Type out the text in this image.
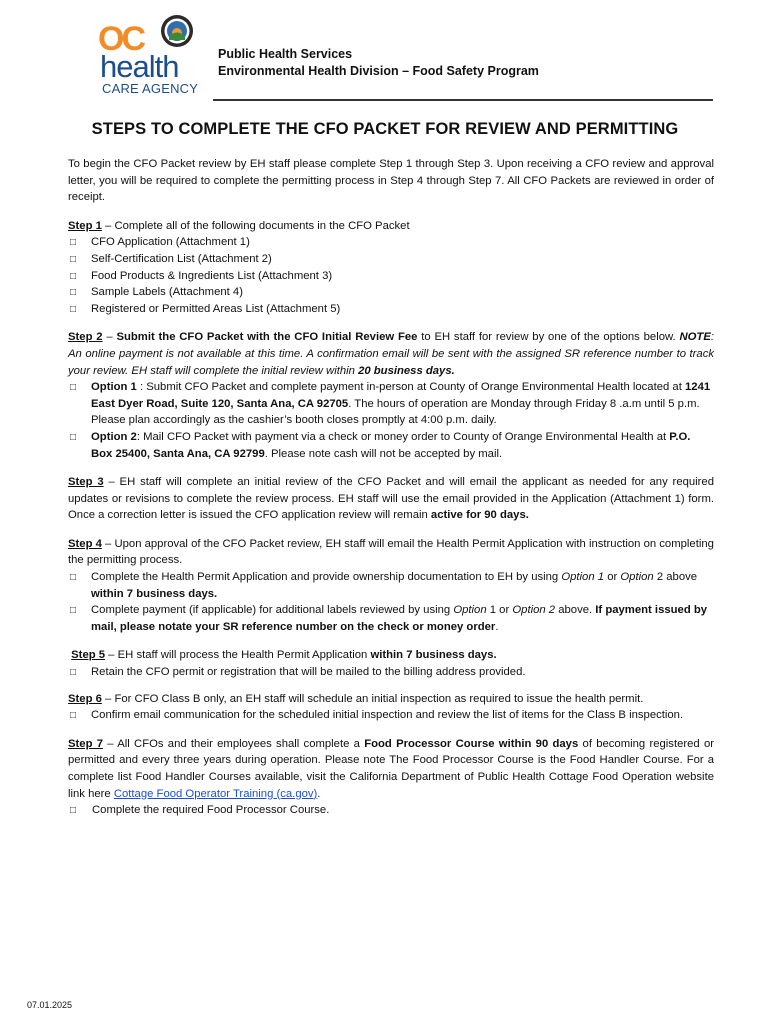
OC
health
CARE AGENCY
Public Health Services
Environmental Health Division – Food Safety Program
STEPS TO COMPLETE THE CFO PACKET FOR REVIEW AND PERMITTING

To begin the CFO Packet review by EH staff please complete Step 1 through Step 3. Upon receiving a CFO review and approval letter, you will be required to complete the permitting process in Step 4 through Step 7. All CFO Packets are reviewed in order of receipt.

Step 1 – Complete all of the following documents in the CFO Packet

□ CFO Application (Attachment 1)
□ Self-Certification List (Attachment 2)
□ Food Products & Ingredients List (Attachment 3)
□ Sample Labels (Attachment 4)
□ Registered or Permitted Areas List (Attachment 5)

Step 2 – Submit the CFO Packet with the CFO Initial Review Fee to EH staff for review by one of the options below. NOTE: An online payment is not available at this time. A confirmation email will be sent with the assigned SR reference number to track your review. EH staff will complete the initial review within 20 business days.

□ Option 1 : Submit CFO Packet and complete payment in-person at County of Orange Environmental Health located at 1241 East Dyer Road, Suite 120, Santa Ana, CA 92705. The hours of operation are Monday through Friday 8 .a.m until 5 p.m. Please plan accordingly as the cashier’s booth closes promptly at 4:00 p.m. daily.
□ Option 2: Mail CFO Packet with payment via a check or money order to County of Orange Environmental Health at P.O. Box 25400, Santa Ana, CA 92799. Please note cash will not be accepted by mail.

Step 3 – EH staff will complete an initial review of the CFO Packet and will email the applicant as needed for any required updates or revisions to complete the review process. EH staff will use the email provided in the Application (Attachment 1) form. Once a correction letter is issued the CFO application review will remain active for 90 days.

Step 4 – Upon approval of the CFO Packet review, EH staff will email the Health Permit Application with instruction on completing the permitting process.

□ Complete the Health Permit Application and provide ownership documentation to EH by using Option 1 or Option 2 above within 7 business days.
□ Complete payment (if applicable) for additional labels reviewed by using Option 1 or Option 2 above. If payment issued by mail, please notate your SR reference number on the check or money order.

Step 5 – EH staff will process the Health Permit Application within 7 business days.

□ Retain the CFO permit or registration that will be mailed to the billing address provided.

Step 6 – For CFO Class B only, an EH staff will schedule an initial inspection as required to issue the health permit.

□ Confirm email communication for the scheduled initial inspection and review the list of items for the Class B inspection.

Step 7 – All CFOs and their employees shall complete a Food Processor Course within 90 days of becoming registered or permitted and every three years during operation. Please note The Food Processor Course is the Food Handler Course. For a complete list Food Handler Courses available, visit the California Department of Public Health Cottage Food Operation website link here Cottage Food Operator Training (ca.gov).

□ Complete the required Food Processor Course.
07.01.2025
